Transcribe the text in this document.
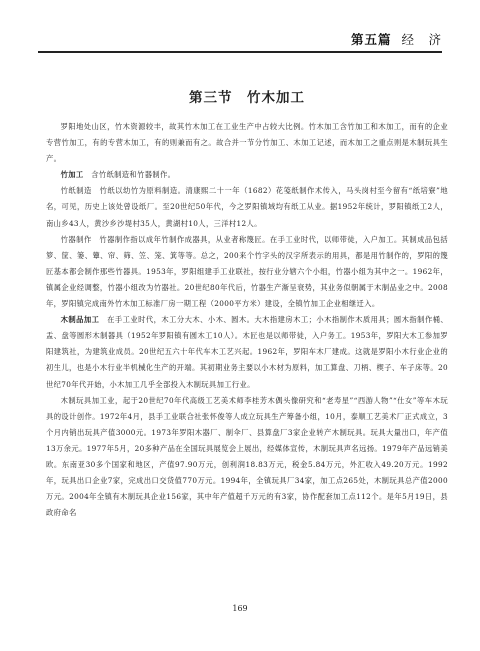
第五篇 经　济
第三节　竹木加工

罗阳地处山区，竹木资源较丰，故其竹木加工在工业生产中占较大比例。竹木加工含竹加工和木加工，而有的企业专营竹加工，有的专营木加工，有的则兼而有之。故合并一节分竹加工、木加工记述，而木加工之重点则是木制玩具生产。

竹加工　含竹纸制造和竹器制作。

竹纸制造　竹纸以幼竹为原料制造。清康熙二十一年（1682）花笺纸制作术传入，马头岗村至今留有“纸培寮”地名，可见，历史上该处曾设纸厂。至20世纪50年代，今之罗阳镇域均有纸工从业。据1952年统计，罗阳镇纸工2人，南山乡43人，黄沙乡沙堤村35人，黄湖村10人，三洋村12人。

竹器制作　竹器制作指以成年竹制作成器具，从业者称篾匠。在手工业时代，以师带徒，入户加工。其制成品包括箩、筐、篓、簟、帘、筛、笠、笼、箕等等。总之，200来个竹字头的汉字所表示的用具，都是用竹制作的，罗阳的篾匠基本都会制作那些竹器具。1953年，罗阳组建手工业联社，按行业分辖六个小组，竹器小组为其中之一。1962年，镇属企业经调整，竹器小组改为竹器社。20世纪80年代后，竹器生产渐呈衰势，其业务似朝属于木制品业之中。2008年，罗阳镇完成南外竹木加工标准厂房一期工程（2000平方米）建设，全镇竹加工企业相继迁入。

木制品加工　在手工业时代，木工分大木、小木、圆木。大木指建房木工；小木指制作木质用具；圆木指制作桶、盂、盘等圆形木制器具（1952年罗阳镇有圆木工10人）。木匠也是以师带徒，入户务工。1953年，罗阳大木工参加罗阳建筑社，为建筑业成员。20世纪五六十年代车木工艺兴起。1962年，罗阳车木厂建成。这就是罗阳小木行业企业的初生儿，也是小木行业半机械化生产的开端。其初期业务主要以小木材为原料，加工算盘、刀柄、楔子、车子床等。20世纪70年代开始，小木加工几乎全部投入木制玩具加工行业。

木制玩具加工业，起于20世纪70年代高级工艺美术师李桂芳木偶头像研究和“老寿星”“西游人物”“仕女”等车木玩具的设计创作。1972年4月，县手工业联合社张怀俊等人成立玩具生产筹备小组，10月，泰顺工艺美术厂正式成立，3个月内销出玩具产值3000元。1973年罗阳木器厂、制伞厂、县算盘厂3家企业转产木制玩具。玩具大量出口，年产值13万余元。1977年5月，20多种产品在全国玩具展览会上展出，经媒体宣传，木制玩具声名远扬。1979年产品远销美欧。东南亚30多个国家和地区，产值97.90万元，创利润18.83万元，税金5.84万元，外汇收入49.20万元。1992年，玩具出口企业7家，完成出口交货值770万元。1994年，全镇玩具厂34家，加工点265处，木制玩具总产值2000万元。2004年全镇有木制玩具企业156家，其中年产值超千万元的有3家，协作配套加工点112个。是年5月19日，县政府命名

169
